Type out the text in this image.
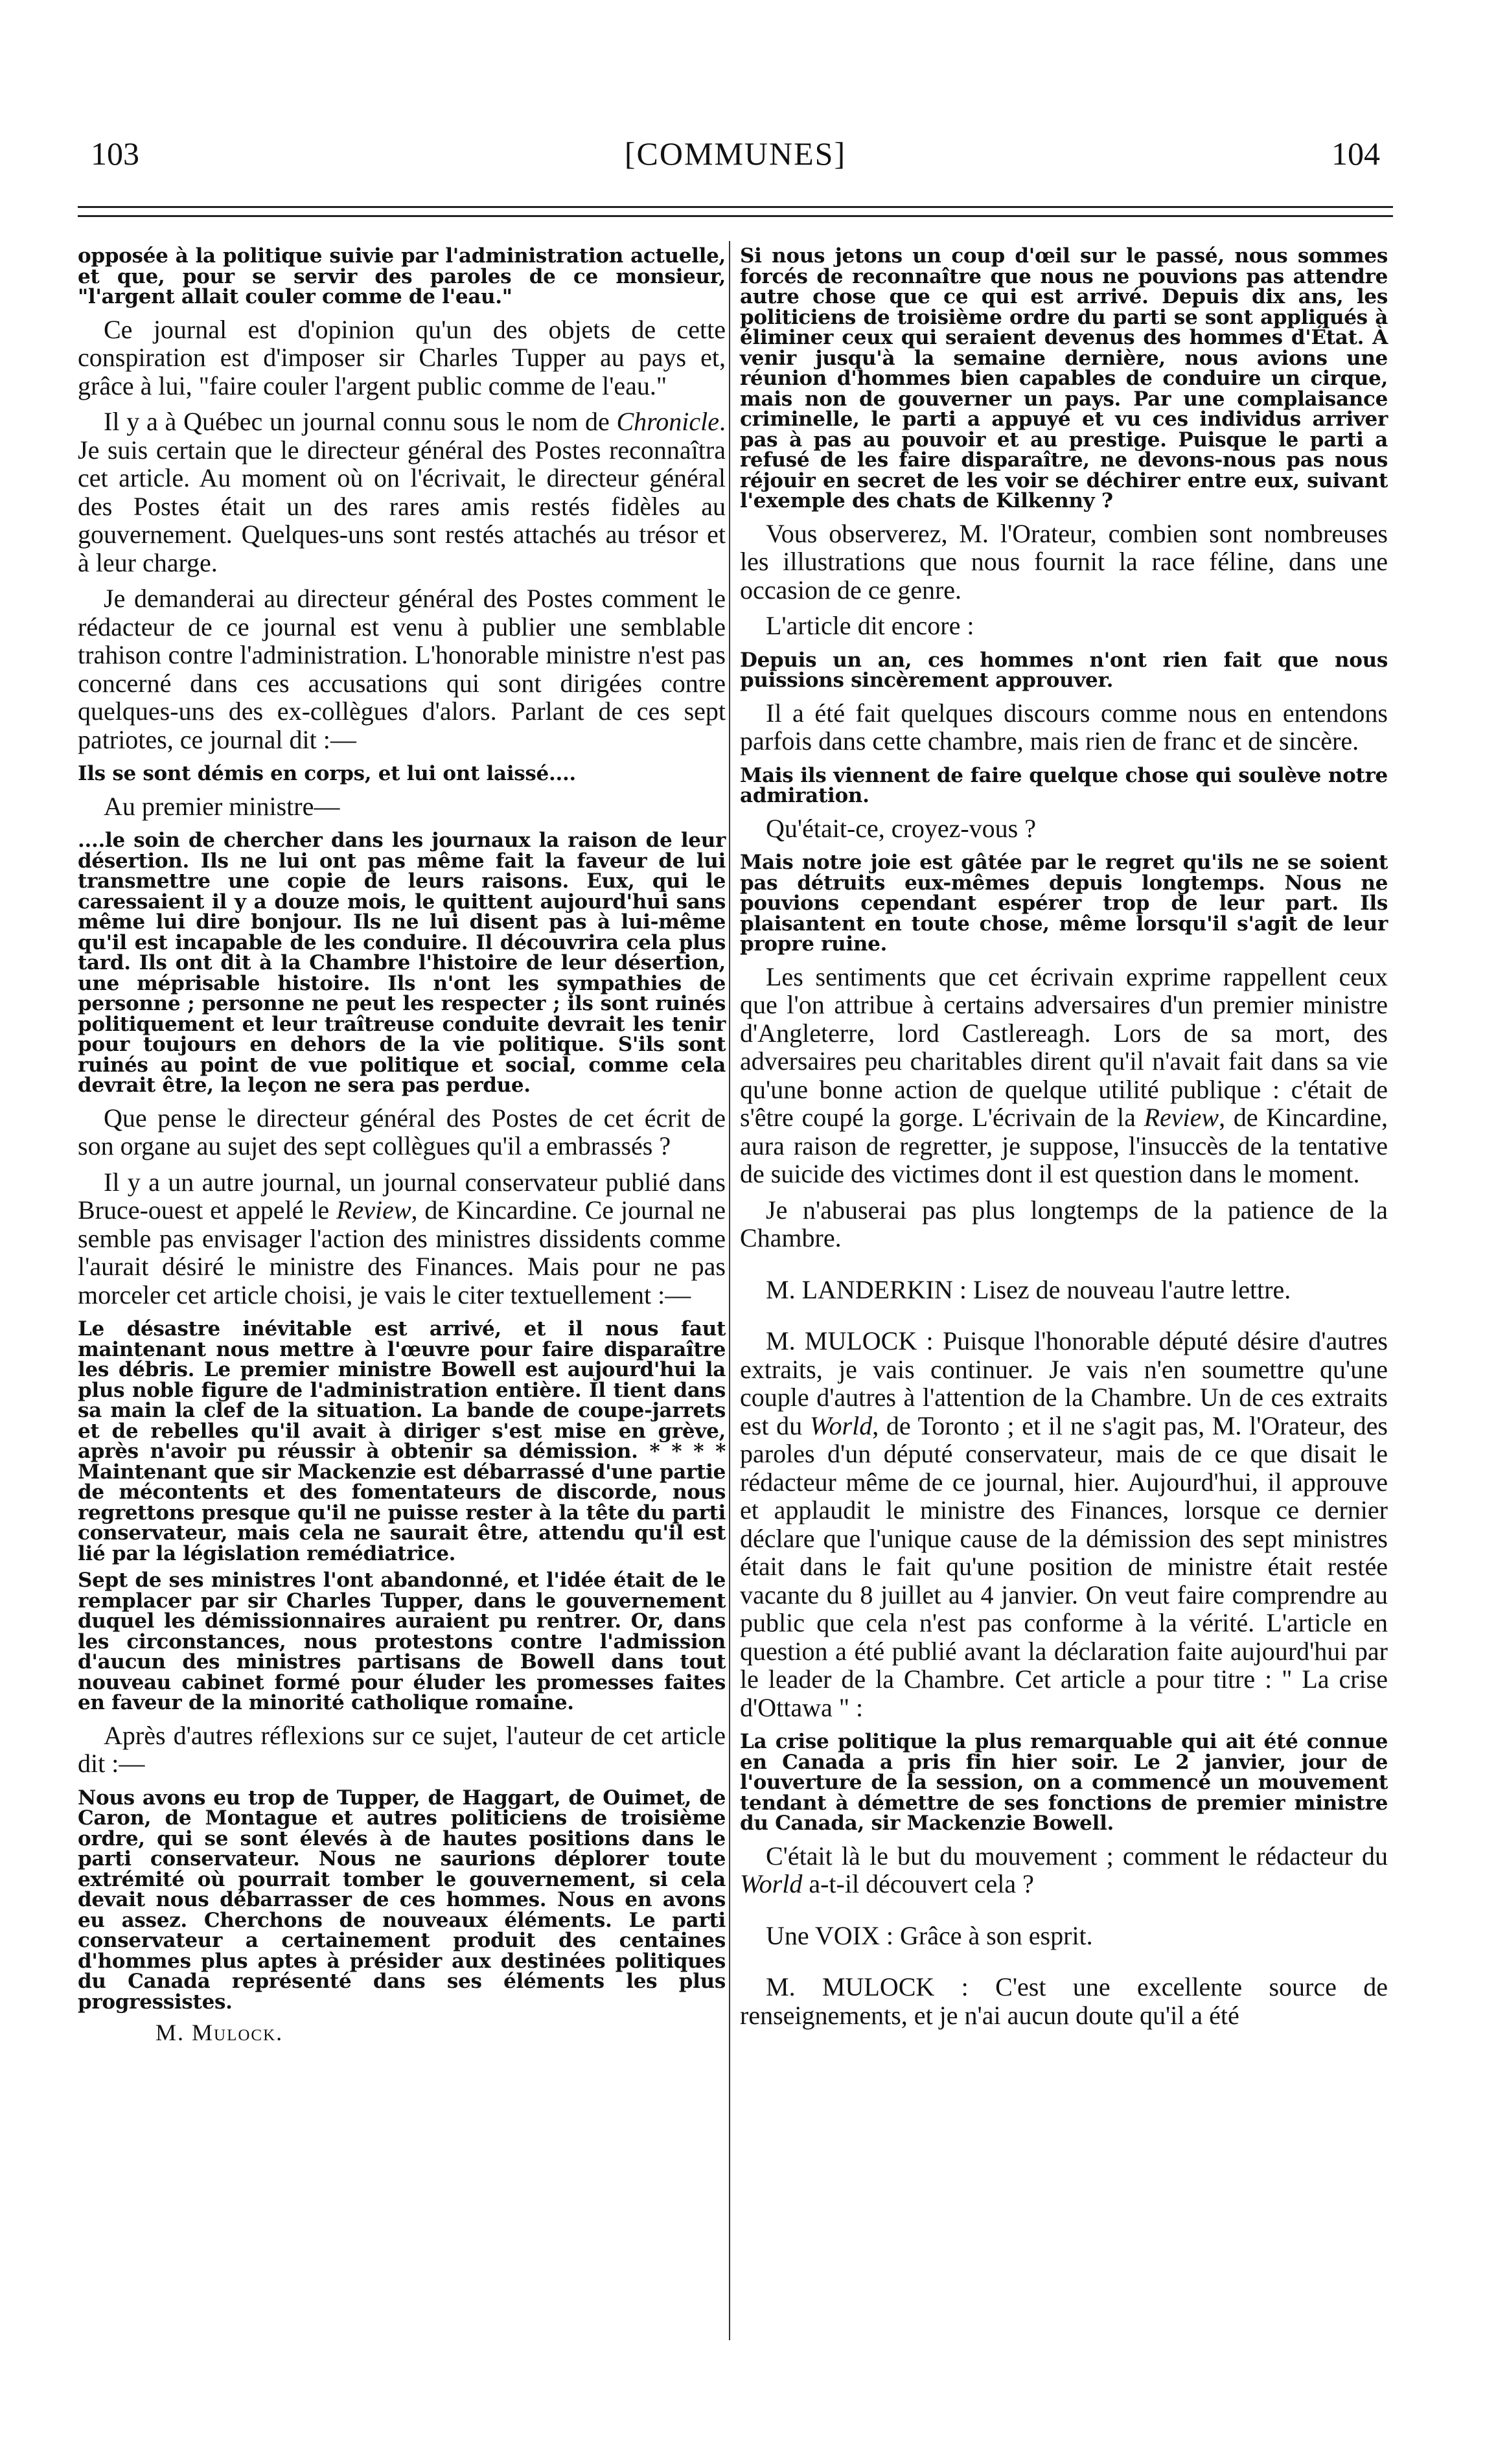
103	[COMMUNES]	104

opposée à la politique suivie par l'administration actuelle, et que, pour se servir des paroles de ce monsieur, "l'argent allait couler comme de l'eau."

Ce journal est d'opinion qu'un des objets de cette conspiration est d'imposer sir Charles Tupper au pays et, grâce à lui, "faire couler l'argent public comme de l'eau."

Il y a à Québec un journal connu sous le nom de Chronicle. Je suis certain que le directeur général des Postes reconnaîtra cet article. Au moment où on l'écrivait, le directeur général des Postes était un des rares amis restés fidèles au gouvernement. Quelques-uns sont restés attachés au trésor et à leur charge.

Je demanderai au directeur général des Postes comment le rédacteur de ce journal est venu à publier une semblable trahison contre l'administration. L'honorable ministre n'est pas concerné dans ces accusations qui sont dirigées contre quelques-uns des ex-collègues d'alors. Parlant de ces sept patriotes, ce journal dit :—

Ils se sont démis en corps, et lui ont laissé....

Au premier ministre—

....le soin de chercher dans les journaux la raison de leur désertion. Ils ne lui ont pas même fait la faveur de lui transmettre une copie de leurs raisons. Eux, qui le caressaient il y a douze mois, le quittent aujourd'hui sans même lui dire bonjour. Ils ne lui disent pas à lui-même qu'il est incapable de les conduire. Il découvrira cela plus tard. Ils ont dit à la Chambre l'histoire de leur désertion, une méprisable histoire. Ils n'ont les sympathies de personne ; personne ne peut les respecter ; ils sont ruinés politiquement et leur traîtreuse conduite devrait les tenir pour toujours en dehors de la vie politique. S'ils sont ruinés au point de vue politique et social, comme cela devrait être, la leçon ne sera pas perdue.

Que pense le directeur général des Postes de cet écrit de son organe au sujet des sept collègues qu'il a embrassés ?

Il y a un autre journal, un journal conservateur publié dans Bruce-ouest et appelé le Review, de Kincardine. Ce journal ne semble pas envisager l'action des ministres dissidents comme l'aurait désiré le ministre des Finances. Mais pour ne pas morceler cet article choisi, je vais le citer textuellement :—

Le désastre inévitable est arrivé, et il nous faut maintenant nous mettre à l'œuvre pour faire disparaître les débris. Le premier ministre Bowell est aujourd'hui la plus noble figure de l'administration entière. Il tient dans sa main la clef de la situation. La bande de coupe-jarrets et de rebelles qu'il avait à diriger s'est mise en grève, après n'avoir pu réussir à obtenir sa démission. * * * * Maintenant que sir Mackenzie est débarrassé d'une partie de mécontents et des fomentateurs de discorde, nous regrettons presque qu'il ne puisse rester à la tête du parti conservateur, mais cela ne saurait être, attendu qu'il est lié par la législation remédiatrice.

Sept de ses ministres l'ont abandonné, et l'idée était de le remplacer par sir Charles Tupper, dans le gouvernement duquel les démissionnaires auraient pu rentrer. Or, dans les circonstances, nous protestons contre l'admission d'aucun des ministres partisans de Bowell dans tout nouveau cabinet formé pour éluder les promesses faites en faveur de la minorité catholique romaine.

Après d'autres réflexions sur ce sujet, l'auteur de cet article dit :—

Nous avons eu trop de Tupper, de Haggart, de Ouimet, de Caron, de Montague et autres politiciens de troisième ordre, qui se sont élevés à de hautes positions dans le parti conservateur. Nous ne saurions déplorer toute extrémité où pourrait tomber le gouvernement, si cela devait nous débarrasser de ces hommes. Nous en avons eu assez. Cherchons de nouveaux éléments. Le parti conservateur a certainement produit des centaines d'hommes plus aptes à présider aux destinées politiques du Canada représenté dans ses éléments les plus progressistes.

M. Mulock.

Si nous jetons un coup d'œil sur le passé, nous sommes forcés de reconnaître que nous ne pouvions pas attendre autre chose que ce qui est arrivé. Depuis dix ans, les politiciens de troisième ordre du parti se sont appliqués à éliminer ceux qui seraient devenus des hommes d'État. À venir jusqu'à la semaine dernière, nous avions une réunion d'hommes bien capables de conduire un cirque, mais non de gouverner un pays. Par une complaisance criminelle, le parti a appuyé et vu ces individus arriver pas à pas au pouvoir et au prestige. Puisque le parti a refusé de les faire disparaître, ne devons-nous pas nous réjouir en secret de les voir se déchirer entre eux, suivant l'exemple des chats de Kilkenny ?

Vous observerez, M. l'Orateur, combien sont nombreuses les illustrations que nous fournit la race féline, dans une occasion de ce genre.

L'article dit encore :

Depuis un an, ces hommes n'ont rien fait que nous puissions sincèrement approuver.

Il a été fait quelques discours comme nous en entendons parfois dans cette chambre, mais rien de franc et de sincère.

Mais ils viennent de faire quelque chose qui soulève notre admiration.

Qu'était-ce, croyez-vous ?

Mais notre joie est gâtée par le regret qu'ils ne se soient pas détruits eux-mêmes depuis longtemps. Nous ne pouvions cependant espérer trop de leur part. Ils plaisantent en toute chose, même lorsqu'il s'agit de leur propre ruine.

Les sentiments que cet écrivain exprime rappellent ceux que l'on attribue à certains adversaires d'un premier ministre d'Angleterre, lord Castlereagh. Lors de sa mort, des adversaires peu charitables dirent qu'il n'avait fait dans sa vie qu'une bonne action de quelque utilité publique : c'était de s'être coupé la gorge. L'écrivain de la Review, de Kincardine, aura raison de regretter, je suppose, l'insuccès de la tentative de suicide des victimes dont il est question dans le moment.

Je n'abuserai pas plus longtemps de la patience de la Chambre.

M. LANDERKIN : Lisez de nouveau l'autre lettre.

M. MULOCK : Puisque l'honorable député désire d'autres extraits, je vais continuer. Je vais n'en soumettre qu'une couple d'autres à l'attention de la Chambre. Un de ces extraits est du World, de Toronto ; et il ne s'agit pas, M. l'Orateur, des paroles d'un député conservateur, mais de ce que disait le rédacteur même de ce journal, hier. Aujourd'hui, il approuve et applaudit le ministre des Finances, lorsque ce dernier déclare que l'unique cause de la démission des sept ministres était dans le fait qu'une position de ministre était restée vacante du 8 juillet au 4 janvier. On veut faire comprendre au public que cela n'est pas conforme à la vérité. L'article en question a été publié avant la déclaration faite aujourd'hui par le leader de la Chambre. Cet article a pour titre : " La crise d'Ottawa " :

La crise politique la plus remarquable qui ait été connue en Canada a pris fin hier soir. Le 2 janvier, jour de l'ouverture de la session, on a commencé un mouvement tendant à démettre de ses fonctions de premier ministre du Canada, sir Mackenzie Bowell.

C'était là le but du mouvement ; comment le rédacteur du World a-t-il découvert cela ?

Une VOIX : Grâce à son esprit.

M. MULOCK : C'est une excellente source de renseignements, et je n'ai aucun doute qu'il a été
